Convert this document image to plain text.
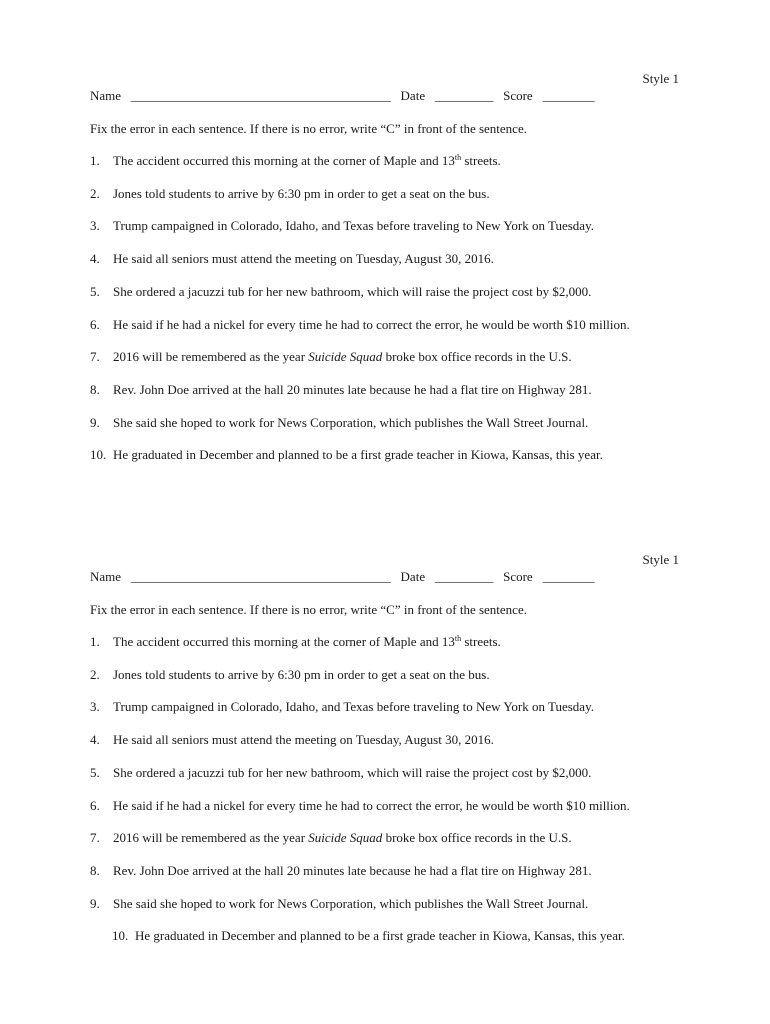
Style 1
Name ________________________________________ Date _________ Score ________
Fix the error in each sentence. If there is no error, write “C” in front of the sentence.
1. The accident occurred this morning at the corner of Maple and 13th streets.
2. Jones told students to arrive by 6:30 pm in order to get a seat on the bus.
3. Trump campaigned in Colorado, Idaho, and Texas before traveling to New York on Tuesday.
4. He said all seniors must attend the meeting on Tuesday, August 30, 2016.
5. She ordered a jacuzzi tub for her new bathroom, which will raise the project cost by $2,000.
6. He said if he had a nickel for every time he had to correct the error, he would be worth $10 million.
7. 2016 will be remembered as the year Suicide Squad broke box office records in the U.S.
8. Rev. John Doe arrived at the hall 20 minutes late because he had a flat tire on Highway 281.
9. She said she hoped to work for News Corporation, which publishes the Wall Street Journal.
10. He graduated in December and planned to be a first grade teacher in Kiowa, Kansas, this year.
Style 1
Name ________________________________________ Date _________ Score ________
Fix the error in each sentence. If there is no error, write “C” in front of the sentence.
1. The accident occurred this morning at the corner of Maple and 13th streets.
2. Jones told students to arrive by 6:30 pm in order to get a seat on the bus.
3. Trump campaigned in Colorado, Idaho, and Texas before traveling to New York on Tuesday.
4. He said all seniors must attend the meeting on Tuesday, August 30, 2016.
5. She ordered a jacuzzi tub for her new bathroom, which will raise the project cost by $2,000.
6. He said if he had a nickel for every time he had to correct the error, he would be worth $10 million.
7. 2016 will be remembered as the year Suicide Squad broke box office records in the U.S.
8. Rev. John Doe arrived at the hall 20 minutes late because he had a flat tire on Highway 281.
9. She said she hoped to work for News Corporation, which publishes the Wall Street Journal.
10. He graduated in December and planned to be a first grade teacher in Kiowa, Kansas, this year.
